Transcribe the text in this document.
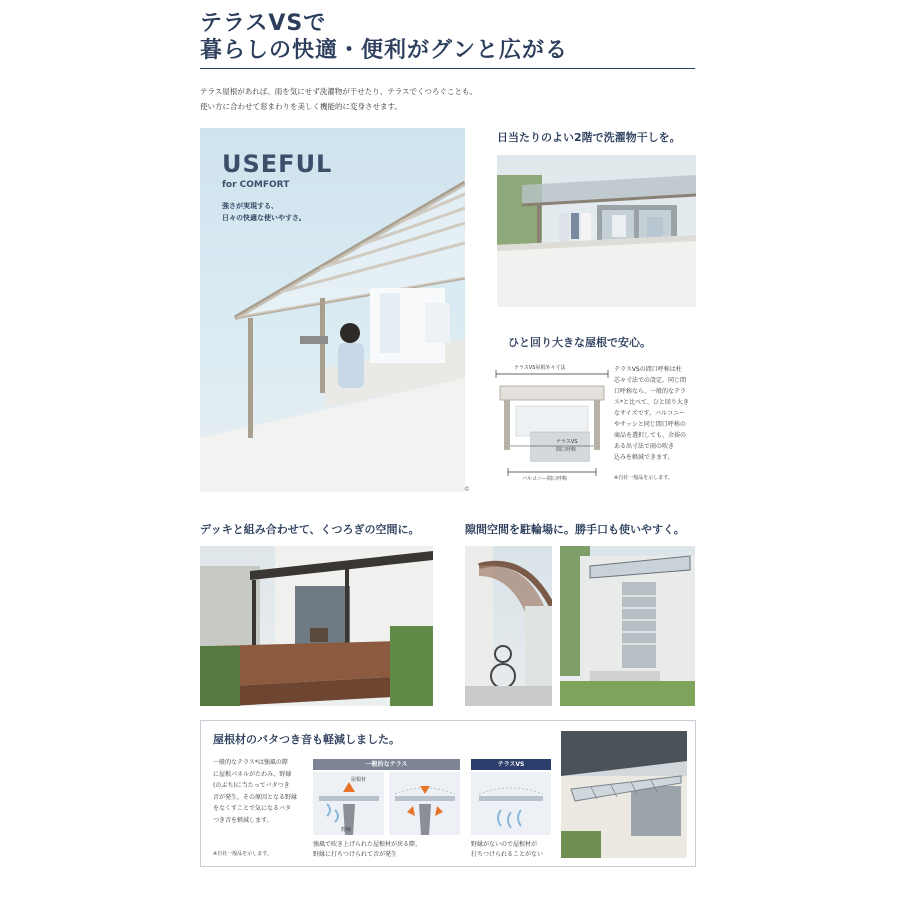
テラスVSで
暮らしの快適・便利がグンと広がる
テラス屋根があれば、雨を気にせず洗濯物が干せたり、テラスでくつろぐことも。
使い方に合わせて窓まわりを美しく機能的に変身させます。
USEFUL
for COMFORT
強さが実現する、
日々の快適な使いやすさ。
©
日当たりのよい2階で洗濯物干しを。
ひと回り大きな屋根で安心。
テラスVS屋根外々寸法
テラスVS
間口呼称
バルコニー間口呼称
テラスVSの間口呼称は柱
芯々寸法での設定。同じ間
口呼称なら、一般的なテラ
ス*と比べて、ひと回り大き
なサイズです。バルコニー
やサッシと同じ間口呼称の
商品を選択しても、余裕の
ある出寸法で雨の吹き
込みを軽減できます。
※自社一般品を示します。
デッキと組み合わせて、くつろぎの空間に。	隙間空間を駐輪場に。勝手口も使いやすく。
屋根材のバタつき音も軽減しました。
一般的なテラス*は強風の際
に屋根パネルがたわみ、野縁
(のぶち)に当たってバタつき
音が発生。その原因となる野縁
をなくすことで気になるバタ
つき音を軽減します。
※自社一般品を示します。
一般的なテラス	テラスVS
屋根材
野縁
強風で吹き上げられた屋根材が戻る際、
野縁に打ちつけられて音が発生
野縁がないので屋根材が
打ちつけられることがない
